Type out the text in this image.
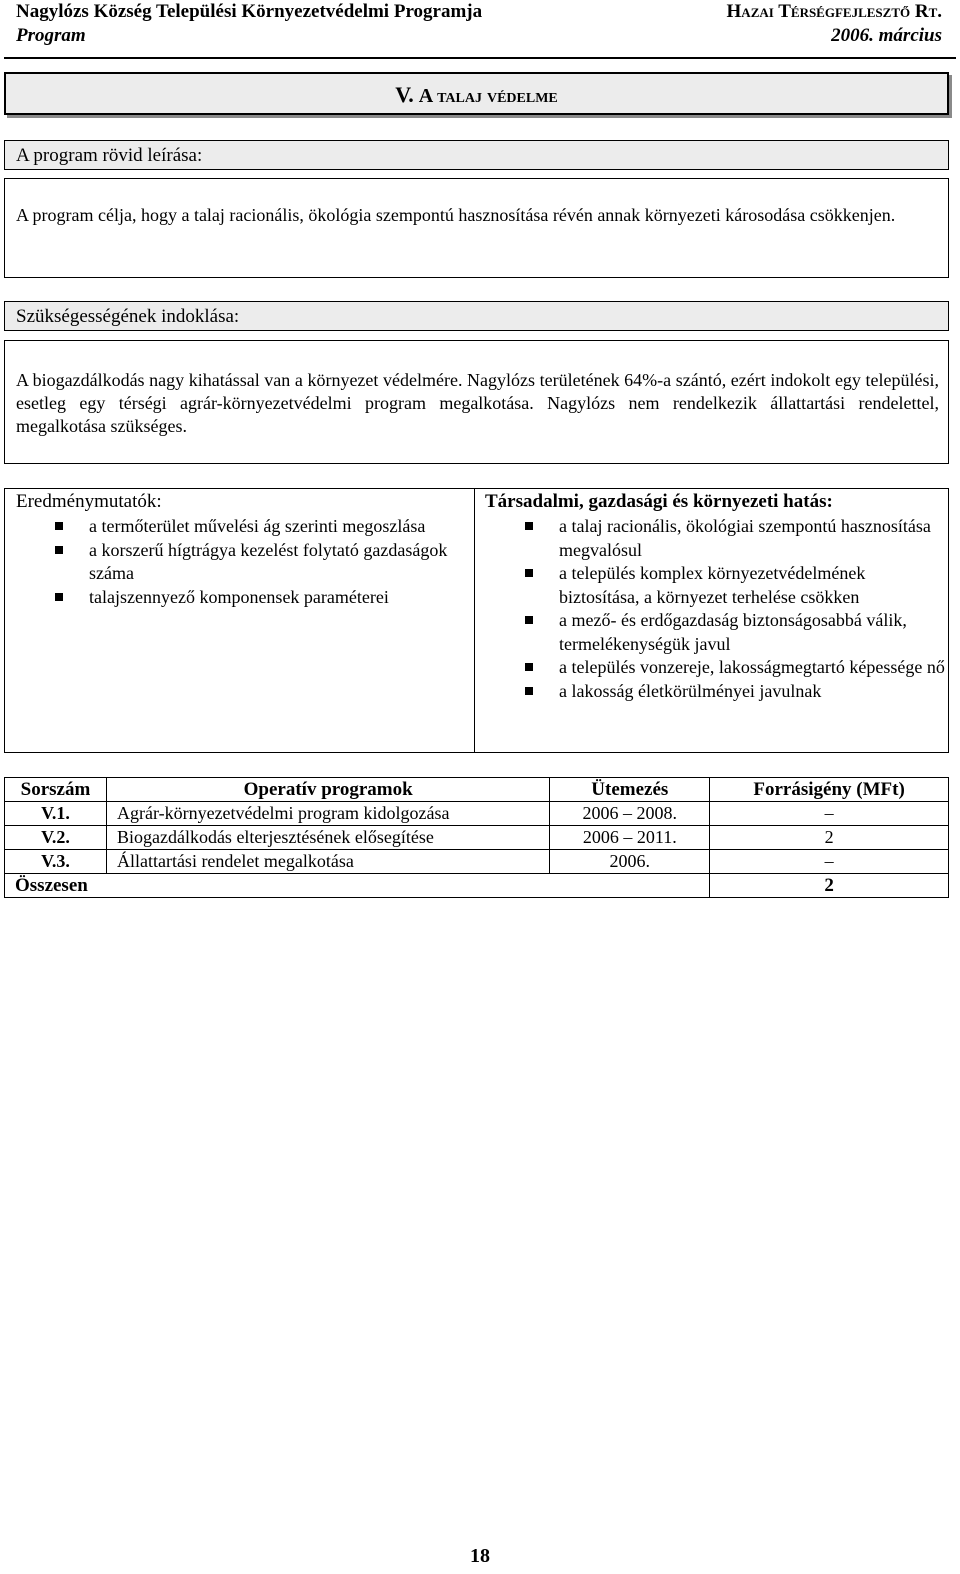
Nagylózs Község Települési Környezetvédelmi Programja	Hazai Térségfejlesztő Rt.
Program	2006. március
V. A talaj védelme
A program rövid leírása:

A program célja, hogy a talaj racionális, ökológia szempontú hasznosítása révén annak környezeti károsodása csökkenjen.

Szükségességének indoklása:

A biogazdálkodás nagy kihatással van a környezet védelmére. Nagylózs területének 64%-a szántó, ezért indokolt egy települési, esetleg egy térségi agrár-környezetvédelmi program megalkotása. Nagylózs nem rendelkezik állattartási rendelettel, megalkotása szükséges.

Eredménymutatók:
a termőterület művelési ág szerinti megoszlása
a korszerű hígtrágya kezelést folytató gazdaságok száma
talajszennyező komponensek paraméterei
Társadalmi, gazdasági és környezeti hatás:
a talaj racionális, ökológiai szempontú hasznosítása megvalósul
a település komplex környezetvédelmének biztosítása, a környezet terhelése csökken
a mező- és erdőgazdaság biztonságosabbá válik, termelékenységük javul
a település vonzereje, lakosságmegtartó képessége nő
a lakosság életkörülményei javulnak
Sorszám	Operatív programok	Ütemezés	Forrásigény (MFt)
V.1.	Agrár-környezetvédelmi program kidolgozása	2006 – 2008.	–
V.2.	Biogazdálkodás elterjesztésének elősegítése	2006 – 2011.	2
V.3.	Állattartási rendelet megalkotása	2006.	–
Összesen			2
18
